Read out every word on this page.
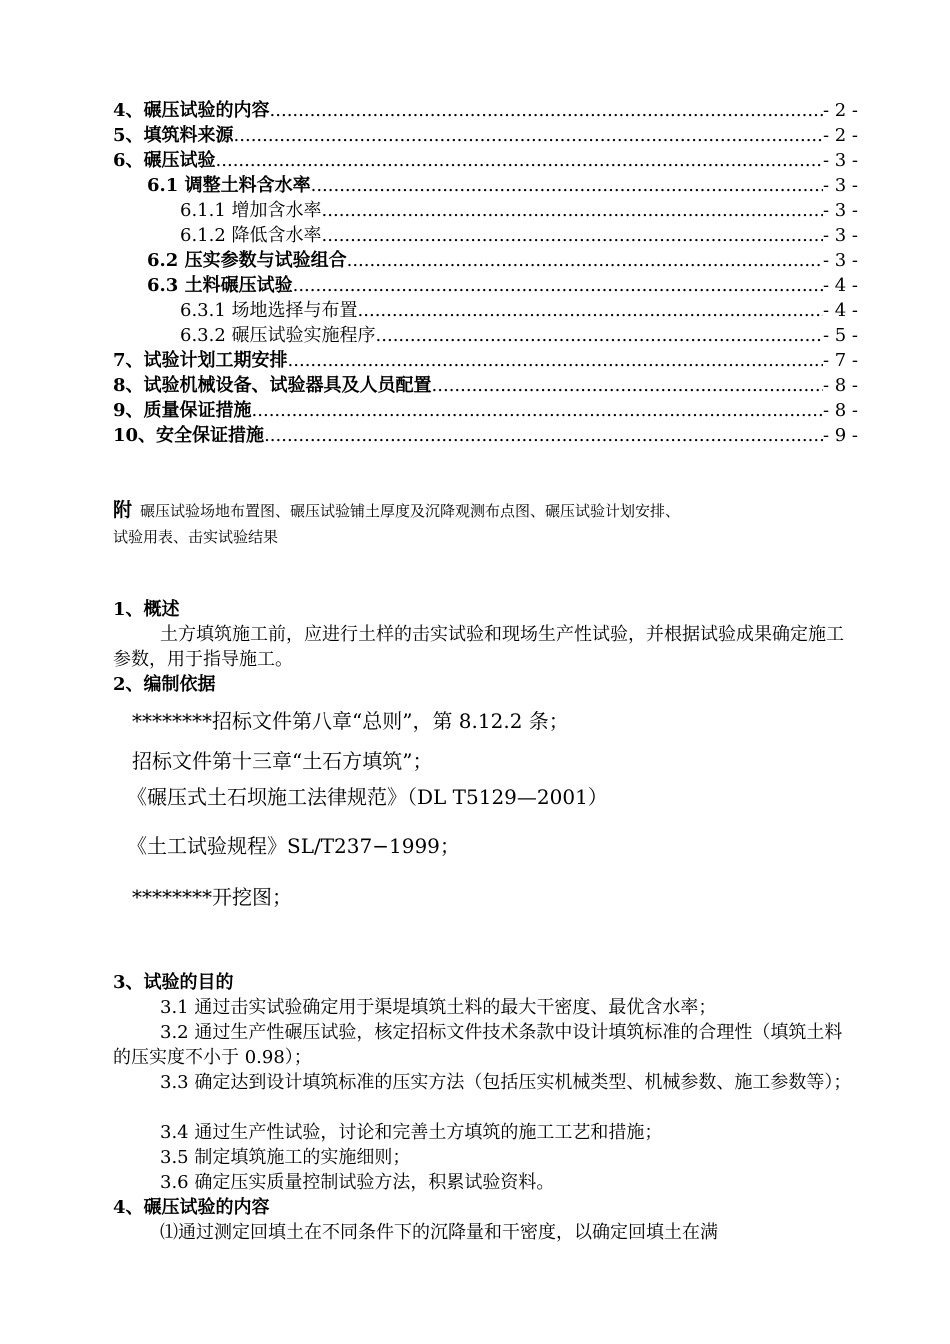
4、碾压试验的内容 .....	- 2 -
5、填筑料来源 .....	- 2 -
6、碾压试验 .....	- 3 -
6.1 调整土料含水率 .....	- 3 -
6.1.1 增加含水率 .....	- 3 -
6.1.2 降低含水率 .....	- 3 -
6.2 压实参数与试验组合 .....	- 3 -
6.3 土料碾压试验 .....	- 4 -
6.3.1 场地选择与布置 .....	- 4 -
6.3.2 碾压试验实施程序 .....	- 5 -
7、试验计划工期安排 .....	- 7 -
8、试验机械设备、试验器具及人员配置 .....	- 8 -
9、质量保证措施 .....	- 8 -
10、安全保证措施 .....	- 9 -
附 碾压试验场地布置图、碾压试验铺土厚度及沉降观测布点图、碾压试验计划安排、
试验用表、击实试验结果
1、概述
土方填筑施工前，应进行土样的击实试验和现场生产性试验，并根据试验成果确定施工参数，用于指导施工。
2、编制依据
********招标文件第八章“总则”，第 8.12.2 条；
招标文件第十三章“土石方填筑”；
《碾压式土石坝施工法律规范》（DL T5129—2001）
《土工试验规程》SL/T237−1999；
********开挖图；
3、试验的目的
3.1 通过击实试验确定用于渠堤填筑土料的最大干密度、最优含水率；
3.2 通过生产性碾压试验，核定招标文件技术条款中设计填筑标准的合理性（填筑土料的压实度不小于 0.98）；
3.3 确定达到设计填筑标准的压实方法（包括压实机械类型、机械参数、施工参数等）；
3.4 通过生产性试验，讨论和完善土方填筑的施工工艺和措施；
3.5 制定填筑施工的实施细则；
3.6 确定压实质量控制试验方法，积累试验资料。
4、碾压试验的内容
⑴通过测定回填土在不同条件下的沉降量和干密度，以确定回填土在满
